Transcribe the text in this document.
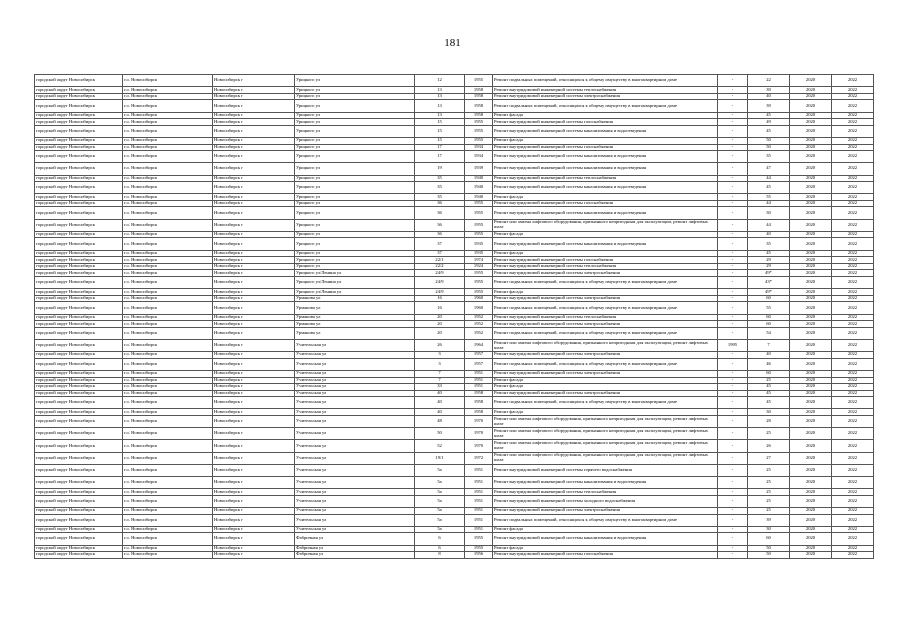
181
городской округ Новосибирск	г.о. Новосибирск	Новосибирск г	Урицкого ул	12	1955	Ремонт подвальных помещений, относящихся к общему имуществу в многоквартирном доме	-	22	2020	2022
городской округ Новосибирск	г.о. Новосибирск	Новосибирск г	Урицкого ул	13	1958	Ремонт внутридомовой инженерной системы теплоснабжения	-	39	2020	2022
городской округ Новосибирск	г.о. Новосибирск	Новосибирск г	Урицкого ул	13	1958	Ремонт внутридомовой инженерной системы электроснабжения	-	40	2020	2022
городской округ Новосибирск	г.о. Новосибирск	Новосибирск г	Урицкого ул	13	1958	Ремонт подвальных помещений, относящихся к общему имуществу в многоквартирном доме	-	39	2020	2022
городской округ Новосибирск	г.о. Новосибирск	Новосибирск г	Урицкого ул	13	1958	Ремонт фасада	-	45	2020	2022
городской округ Новосибирск	г.о. Новосибирск	Новосибирск г	Урицкого ул	15	1955	Ремонт внутридомовой инженерной системы газоснабжения	-	49	2020	2022
городской округ Новосибирск	г.о. Новосибирск	Новосибирск г	Урицкого ул	15	1955	Ремонт внутридомовой инженерной системы канализования и водоотведения	-	45	2020	2022
городской округ Новосибирск	г.о. Новосибирск	Новосибирск г	Урицкого ул	15	1955	Ремонт фасада	-	50	2020	2022
городской округ Новосибирск	г.о. Новосибирск	Новосибирск г	Урицкого ул	17	1934	Ремонт внутридомовой инженерной системы газоснабжения	-	50	2020	2022
городской округ Новосибирск	г.о. Новосибирск	Новосибирск г	Урицкого ул	17	1934	Ремонт внутридомовой инженерной системы канализования и водоотведения	-	35	2020	2022
городской округ Новосибирск	г.о. Новосибирск	Новосибирск г	Урицкого ул	19	1939	Ремонт внутридомовой инженерной системы канализования и водоотведения	-	47	2020	2022
городской округ Новосибирск	г.о. Новосибирск	Новосибирск г	Урицкого ул	35	1940	Ремонт внутридомовой инженерной системы теплоснабжения	-	44	2020	2022
городской округ Новосибирск	г.о. Новосибирск	Новосибирск г	Урицкого ул	35	1940	Ремонт внутридомовой инженерной системы канализования и водоотведения	-	45	2020	2022
городской округ Новосибирск	г.о. Новосибирск	Новосибирск г	Урицкого ул	35	1940	Ремонт фасада	-	55	2020	2022
городской округ Новосибирск	г.о. Новосибирск	Новосибирск г	Урицкого ул	36	1955	Ремонт внутридомовой инженерной системы газоснабжения	-	44	2020	2022
городской округ Новосибирск	г.о. Новосибирск	Новосибирск г	Урицкого ул	36	1955	Ремонт внутридомовой инженерной системы канализования и водоотведения	-	30	2020	2022
городской округ Новосибирск	г.о. Новосибирск	Новосибирск г	Урицкого ул	36	1955	Ремонт или замена лифтового оборудования, признанного непригодным для эксплуатации, ремонт лифтовых шахт	-	44	2020	2022
городской округ Новосибирск	г.о. Новосибирск	Новосибирск г	Урицкого ул	36	1955	Ремонт фасада	-	40	2020	2022
городской округ Новосибирск	г.о. Новосибирск	Новосибирск г	Урицкого ул	37	1935	Ремонт внутридомовой инженерной системы канализования и водоотведения	-	35	2020	2022
городской округ Новосибирск	г.о. Новосибирск	Новосибирск г	Урицкого ул	37	1935	Ремонт фасада	-	45	2020	2022
городской округ Новосибирск	г.о. Новосибирск	Новосибирск г	Урицкого ул	22/1	1974	Ремонт внутридомовой инженерной системы газоснабжения	-	29	2020	2022
городской округ Новосибирск	г.о. Новосибирск	Новосибирск г	Урицкого ул	22/2	1924	Ремонт внутридомовой инженерной системы теплоснабжения	-	29	2020	2022
городской округ Новосибирск	г.о. Новосибирск	Новосибирск г	Урицкого ул/Ленина ул	24/9	1955	Ремонт внутридомовой инженерной системы электроснабжения	-	49*	2020	2022
городской округ Новосибирск	г.о. Новосибирск	Новосибирск г	Урицкого ул/Ленина ул	24/9	1955	Ремонт подвальных помещений, относящихся к общему имуществу в многоквартирном доме	-	43*	2020	2022
городской округ Новосибирск	г.о. Новосибирск	Новосибирск г	Урицкого ул/Ленина ул	24/9	1955	Ремонт фасада	-	49*	2020	2022
городской округ Новосибирск	г.о. Новосибирск	Новосибирск г	Урманова ул	16	1960	Ремонт внутридомовой инженерной системы электроснабжения	-	60	2020	2022
городской округ Новосибирск	г.о. Новосибирск	Новосибирск г	Урманова ул	16	1960	Ремонт подвальных помещений, относящихся к общему имуществу в многоквартирном доме	-	55	2020	2022
городской округ Новосибирск	г.о. Новосибирск	Новосибирск г	Урманова ул	20	1952	Ремонт внутридомовой инженерной системы теплоснабжения	-	60	2020	2022
городской округ Новосибирск	г.о. Новосибирск	Новосибирск г	Урманова ул	20	1952	Ремонт внутридомовой инженерной системы электроснабжения	-	60	2020	2022
городской округ Новосибирск	г.о. Новосибирск	Новосибирск г	Урманова ул	20	1952	Ремонт подвальных помещений, относящихся к общему имуществу в многоквартирном доме	-	54	2020	2022
городской округ Новосибирск	г.о. Новосибирск	Новосибирск г	Учительская ул	26	1964	Ремонт или замена лифтового оборудования, признанного непригодным для эксплуатации, ремонт лифтовых шахт	1995	7	2020	2022
городской округ Новосибирск	г.о. Новосибирск	Новосибирск г	Учительская ул	3	1957	Ремонт внутридомовой инженерной системы электроснабжения	-	40	2020	2022
городской округ Новосибирск	г.о. Новосибирск	Новосибирск г	Учительская ул	3	1957	Ремонт подвальных помещений, относящихся к общему имуществу в многоквартирном доме	-	46	2020	2022
городской округ Новосибирск	г.о. Новосибирск	Новосибирск г	Учительская ул	7	1951	Ремонт внутридомовой инженерной системы электроснабжения	-	60	2020	2022
городской округ Новосибирск	г.о. Новосибирск	Новосибирск г	Учительская ул	7	1951	Ремонт фасада	-	25	2020	2022
городской округ Новосибирск	г.о. Новосибирск	Новосибирск г	Учительская ул	33	1951	Ремонт фасада	-	45	2020	2022
городской округ Новосибирск	г.о. Новосибирск	Новосибирск г	Учительская ул	40	1958	Ремонт внутридомовой инженерной системы электроснабжения	-	45	2020	2022
городской округ Новосибирск	г.о. Новосибирск	Новосибирск г	Учительская ул	40	1958	Ремонт подвальных помещений, относящихся к общему имуществу в многоквартирном доме	-	45	2020	2022
городской округ Новосибирск	г.о. Новосибирск	Новосибирск г	Учительская ул	40	1958	Ремонт фасада	-	30	2020	2022
городской округ Новосибирск	г.о. Новосибирск	Новосибирск г	Учительская ул	48	1970	Ремонт или замена лифтового оборудования, признанного непригодным для эксплуатации, ремонт лифтовых шахт	-	28	2020	2022
городской округ Новосибирск	г.о. Новосибирск	Новосибирск г	Учительская ул	50	1970	Ремонт или замена лифтового оборудования, признанного непригодным для эксплуатации, ремонт лифтовых шахт	-	25	2020	2022
городской округ Новосибирск	г.о. Новосибирск	Новосибирск г	Учительская ул	52	1970	Ремонт или замена лифтового оборудования, признанного непригодным для эксплуатации, ремонт лифтовых шахт	-	26	2020	2022
городской округ Новосибирск	г.о. Новосибирск	Новосибирск г	Учительская ул	19/1	1972	Ремонт или замена лифтового оборудования, признанного непригодным для эксплуатации, ремонт лифтовых шахт	-	27	2020	2022
городской округ Новосибирск	г.о. Новосибирск	Новосибирск г	Учительская ул	5а	1951	Ремонт внутридомовой инженерной системы горячего водоснабжения	-	25	2020	2022
городской округ Новосибирск	г.о. Новосибирск	Новосибирск г	Учительская ул	5а	1951	Ремонт внутридомовой инженерной системы канализования и водоотведения	-	25	2020	2022
городской округ Новосибирск	г.о. Новосибирск	Новосибирск г	Учительская ул	5а	1951	Ремонт внутридомовой инженерной системы теплоснабжения	-	25	2020	2022
городской округ Новосибирск	г.о. Новосибирск	Новосибирск г	Учительская ул	5а	1951	Ремонт внутридомовой инженерной системы холодного водоснабжения	-	25	2020	2022
городской округ Новосибирск	г.о. Новосибирск	Новосибирск г	Учительская ул	5а	1951	Ремонт внутридомовой инженерной системы электроснабжения	-	25	2020	2022
городской округ Новосибирск	г.о. Новосибирск	Новосибирск г	Учительская ул	5а	1951	Ремонт подвальных помещений, относящихся к общему имуществу в многоквартирном доме	-	39	2020	2022
городской округ Новосибирск	г.о. Новосибирск	Новосибирск г	Учительская ул	5а	1951	Ремонт фасада	-	30	2020	2022
городской округ Новосибирск	г.о. Новосибирск	Новосибирск г	Фабричная ул	6	1955	Ремонт внутридомовой инженерной системы канализования и водоотведения	-	60	2020	2022
городской округ Новосибирск	г.о. Новосибирск	Новосибирск г	Фабричная ул	6	1955	Ремонт фасада	-	50	2020	2022
городской округ Новосибирск	г.о. Новосибирск	Новосибирск г	Фабричная ул	8	1956	Ремонт внутридомовой инженерной системы газоснабжения	-	50	2020	2022
